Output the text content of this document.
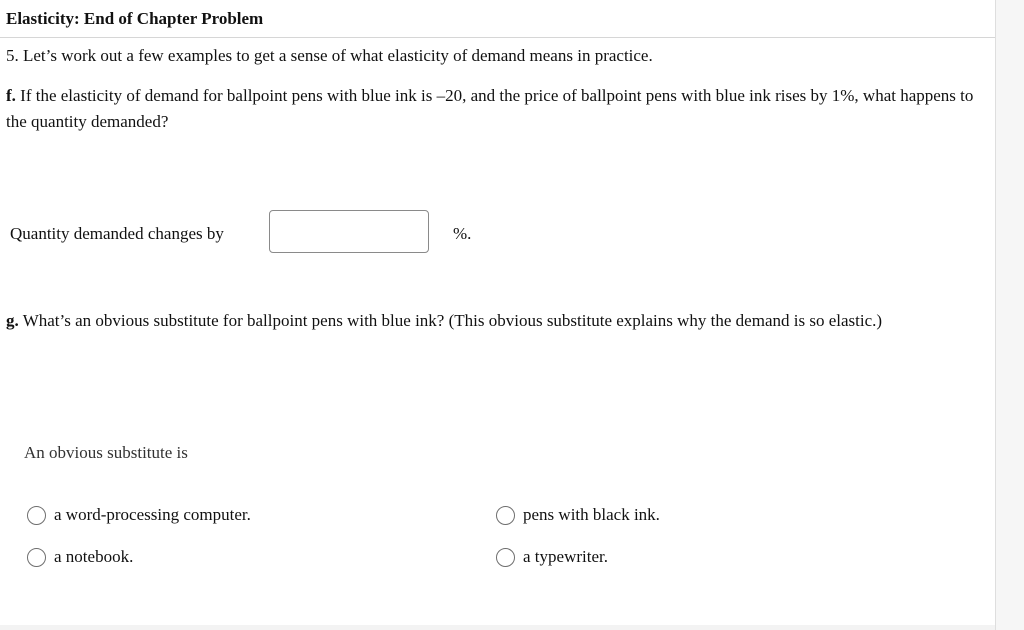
Elasticity: End of Chapter Problem

5. Let’s work out a few examples to get a sense of what elasticity of demand means in practice.

f. If the elasticity of demand for ballpoint pens with blue ink is –20, and the price of ballpoint pens with blue ink rises by 1%, what happens to the quantity demanded?

Quantity demanded changes by	%.

g. What’s an obvious substitute for ballpoint pens with blue ink? (This obvious substitute explains why the demand is so elastic.)

An obvious substitute is

a word-processing computer.
a notebook.
pens with black ink.
a typewriter.
